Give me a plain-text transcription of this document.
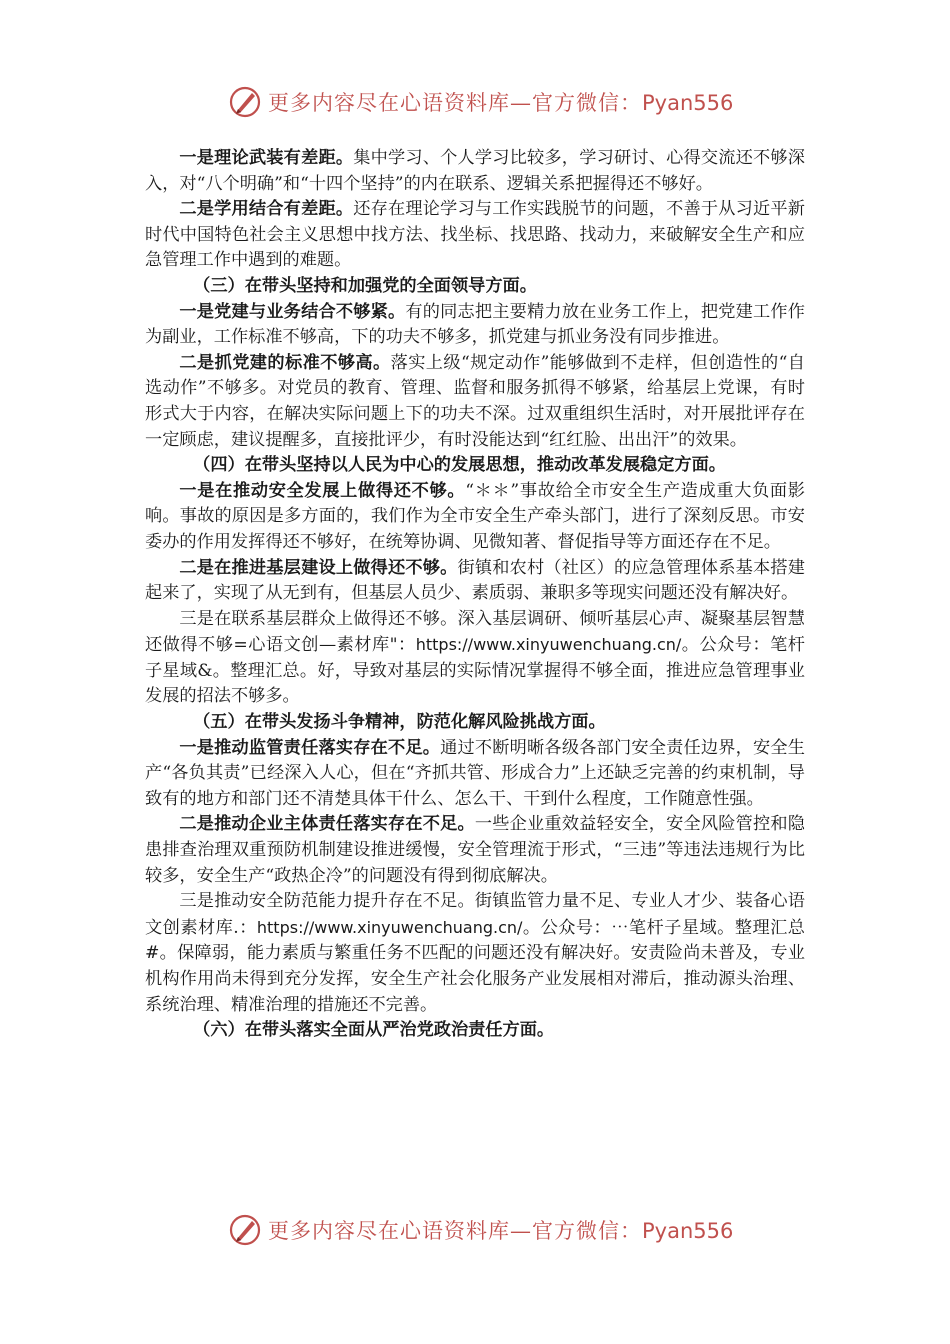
更多内容尽在心语资料库—官方微信：Pyan556

一是理论武装有差距。集中学习、个人学习比较多，学习研讨、心得交流还不够深入，对“八个明确”和“十四个坚持”的内在联系、逻辑关系把握得还不够好。

二是学用结合有差距。还存在理论学习与工作实践脱节的问题，不善于从习近平新时代中国特色社会主义思想中找方法、找坐标、找思路、找动力，来破解安全生产和应急管理工作中遇到的难题。

（三）在带头坚持和加强党的全面领导方面。

一是党建与业务结合不够紧。有的同志把主要精力放在业务工作上，把党建工作作为副业，工作标准不够高，下的功夫不够多，抓党建与抓业务没有同步推进。

二是抓党建的标准不够高。落实上级“规定动作”能够做到不走样，但创造性的“自选动作”不够多。对党员的教育、管理、监督和服务抓得不够紧，给基层上党课，有时形式大于内容，在解决实际问题上下的功夫不深。过双重组织生活时，对开展批评存在一定顾虑，建议提醒多，直接批评少，有时没能达到“红红脸、出出汗”的效果。

（四）在带头坚持以人民为中心的发展思想，推动改革发展稳定方面。

一是在推动安全发展上做得还不够。“＊＊”事故给全市安全生产造成重大负面影响。事故的原因是多方面的，我们作为全市安全生产牵头部门，进行了深刻反思。市安委办的作用发挥得还不够好，在统筹协调、见微知著、督促指导等方面还存在不足。

二是在推进基层建设上做得还不够。街镇和农村（社区）的应急管理体系基本搭建起来了，实现了从无到有，但基层人员少、素质弱、兼职多等现实问题还没有解决好。

三是在联系基层群众上做得还不够。深入基层调研、倾听基层心声、凝聚基层智慧还做得不够=心语文创—素材库"：https://www.xinyuwenchuang.cn/。公众号：笔杆子星域&。整理汇总。好，导致对基层的实际情况掌握得不够全面，推进应急管理事业发展的招法不够多。

（五）在带头发扬斗争精神，防范化解风险挑战方面。

一是推动监管责任落实存在不足。通过不断明晰各级各部门安全责任边界，安全生产“各负其责”已经深入人心，但在“齐抓共管、形成合力”上还缺乏完善的约束机制，导致有的地方和部门还不清楚具体干什么、怎么干、干到什么程度，工作随意性强。

二是推动企业主体责任落实存在不足。一些企业重效益轻安全，安全风险管控和隐患排查治理双重预防机制建设推进缓慢，安全管理流于形式，“三违”等违法违规行为比较多，安全生产“政热企冷”的问题没有得到彻底解决。

三是推动安全防范能力提升存在不足。街镇监管力量不足、专业人才少、装备心语文创素材库.：https://www.xinyuwenchuang.cn/。公众号：⋯笔杆子星域。整理汇总#。保障弱，能力素质与繁重任务不匹配的问题还没有解决好。安责险尚未普及，专业机构作用尚未得到充分发挥，安全生产社会化服务产业发展相对滞后，推动源头治理、系统治理、精准治理的措施还不完善。

（六）在带头落实全面从严治党政治责任方面。

更多内容尽在心语资料库—官方微信：Pyan556
